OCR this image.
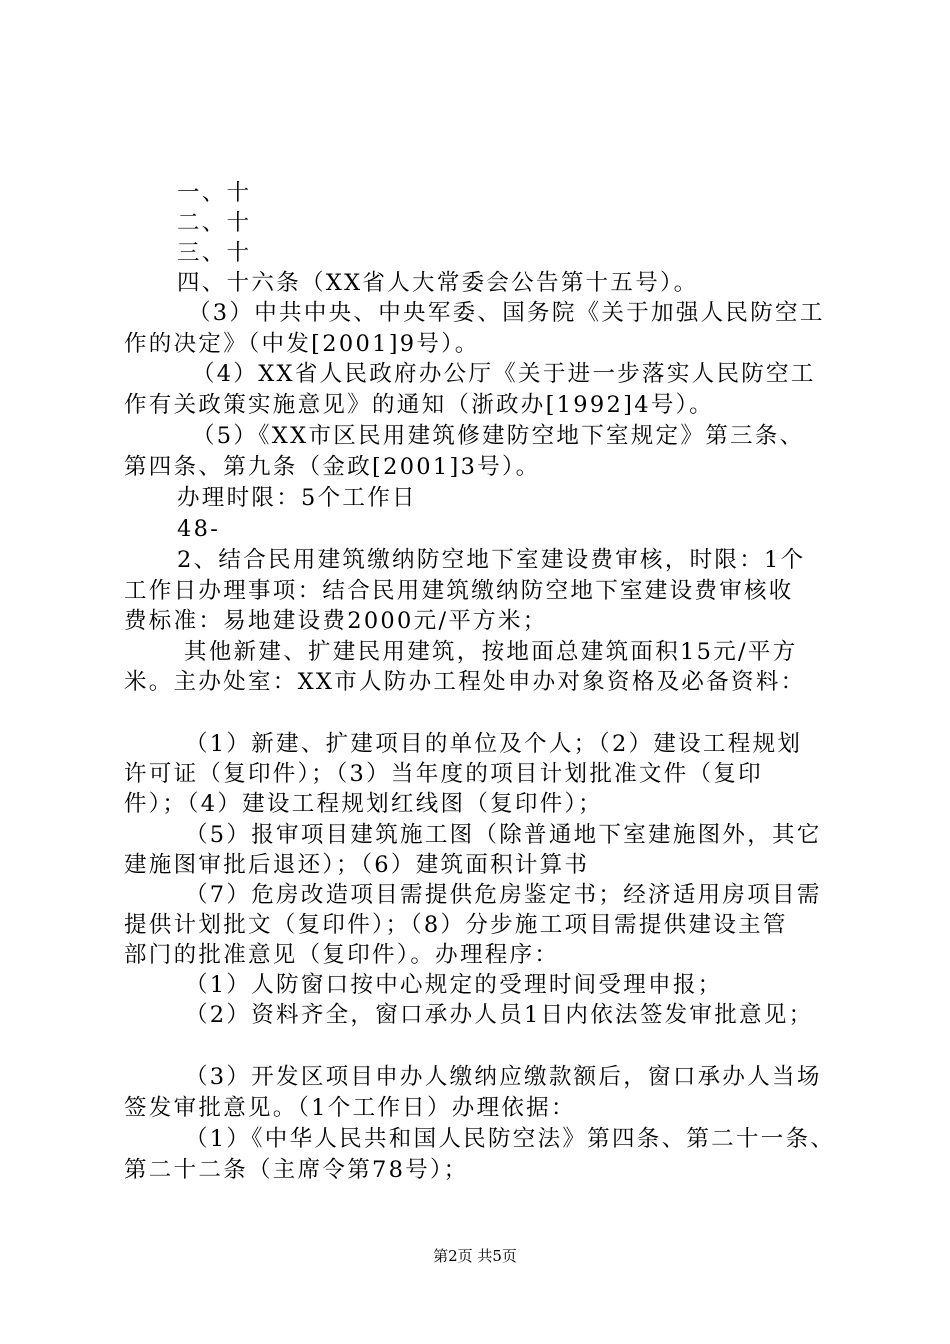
一、十
二、十
三、十
四、十六条（XX省人大常委会公告第十五号）。
（3）中共中央、中央军委、国务院《关于加强人民防空工
作的决定》（中发[2001]9号）。
（4）XX省人民政府办公厅《关于进一步落实人民防空工
作有关政策实施意见》的通知（浙政办[1992]4号）。
（5）《XX市区民用建筑修建防空地下室规定》第三条、
第四条、第九条（金政[2001]3号）。
办理时限：5个工作日
48-
2、结合民用建筑缴纳防空地下室建设费审核，时限：1个
工作日办理事项：结合民用建筑缴纳防空地下室建设费审核收
费标准：易地建设费2000元/平方米；
其他新建、扩建民用建筑，按地面总建筑面积15元/平方
米。主办处室：XX市人防办工程处申办对象资格及必备资料：
（1）新建、扩建项目的单位及个人；（2）建设工程规划
许可证（复印件）；（3）当年度的项目计划批准文件（复印
件）；（4）建设工程规划红线图（复印件）；
（5）报审项目建筑施工图（除普通地下室建施图外，其它
建施图审批后退还）；（6）建筑面积计算书
（7）危房改造项目需提供危房鉴定书；经济适用房项目需
提供计划批文（复印件）；（8）分步施工项目需提供建设主管
部门的批准意见（复印件）。办理程序：
（1）人防窗口按中心规定的受理时间受理申报；
（2）资料齐全，窗口承办人员1日内依法签发审批意见；
（3）开发区项目申办人缴纳应缴款额后，窗口承办人当场
签发审批意见。（1个工作日）办理依据：
（1）《中华人民共和国人民防空法》第四条、第二十一条、
第二十二条（主席令第78号）；
第2页 共5页
